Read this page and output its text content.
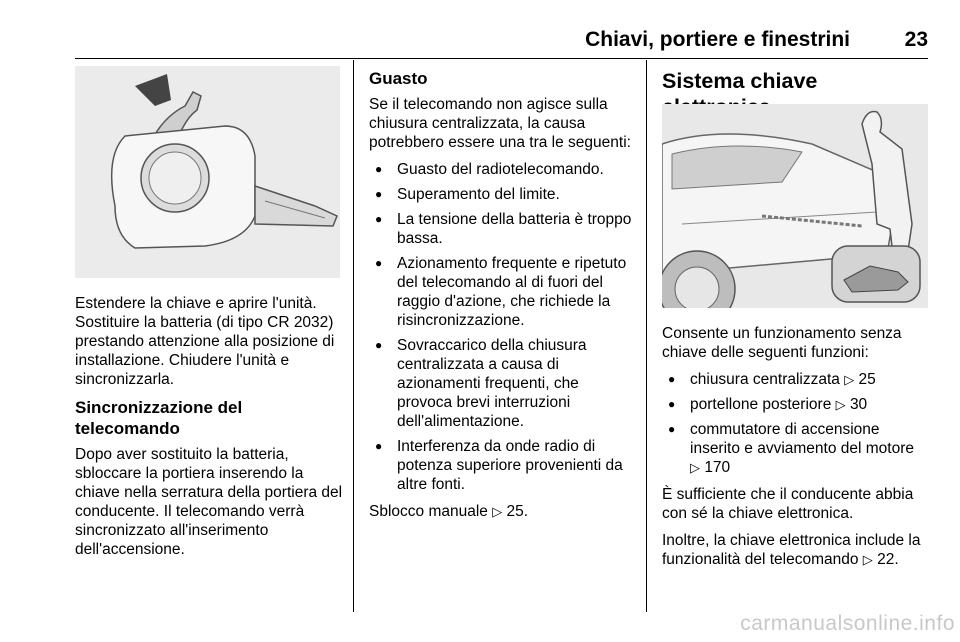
Chiavi, portiere e finestrini	23

Estendere la chiave e aprire l'unità. Sostituire la batteria (di tipo CR 2032) prestando attenzione alla posizione di installazione. Chiudere l'unità e sincronizzarla.

Sincronizzazione del telecomando

Dopo aver sostituito la batteria, sbloccare la portiera inserendo la chiave nella serratura della portiera del conducente. Il telecomando verrà sincronizzato all'inserimento dell'accensione.

Guasto

Se il telecomando non agisce sulla chiusura centralizzata, la causa potrebbero essere una tra le seguenti:

● Guasto del radiotelecomando.
● Superamento del limite.
● La tensione della batteria è troppo bassa.
● Azionamento frequente e ripetuto del telecomando al di fuori del raggio d'azione, che richiede la risincronizzazione.
● Sovraccarico della chiusura centralizzata a causa di azionamenti frequenti, che provoca brevi interruzioni dell'alimentazione.
● Interferenza da onde radio di potenza superiore provenienti da altre fonti.

Sblocco manuale ▷ 25.

Sistema chiave

Consente un funzionamento senza chiave delle seguenti funzioni:

● chiusura centralizzata ▷ 25
● portellone posteriore ▷ 30
● commutatore di accensione inserito e avviamento del motore
▷ 170

È sufficiente che il conducente abbia con sé la chiave elettronica.

Inoltre, la chiave elettronica include la funzionalità del telecomando ▷ 22.

carmanualsonline.info
